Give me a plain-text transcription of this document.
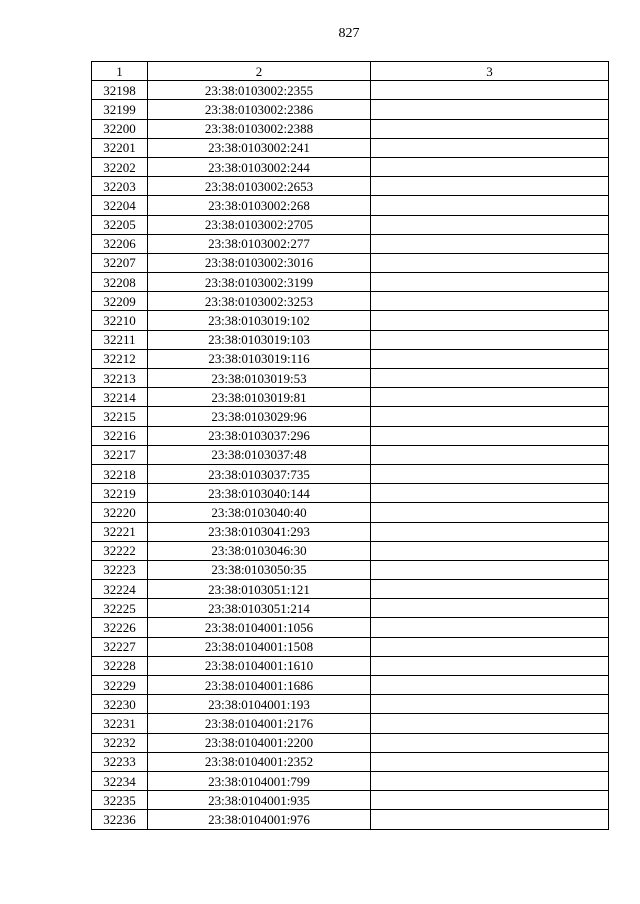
827
1	2	3
32198	23:38:0103002:2355	
32199	23:38:0103002:2386	
32200	23:38:0103002:2388	
32201	23:38:0103002:241	
32202	23:38:0103002:244	
32203	23:38:0103002:2653	
32204	23:38:0103002:268	
32205	23:38:0103002:2705	
32206	23:38:0103002:277	
32207	23:38:0103002:3016	
32208	23:38:0103002:3199	
32209	23:38:0103002:3253	
32210	23:38:0103019:102	
32211	23:38:0103019:103	
32212	23:38:0103019:116	
32213	23:38:0103019:53	
32214	23:38:0103019:81	
32215	23:38:0103029:96	
32216	23:38:0103037:296	
32217	23:38:0103037:48	
32218	23:38:0103037:735	
32219	23:38:0103040:144	
32220	23:38:0103040:40	
32221	23:38:0103041:293	
32222	23:38:0103046:30	
32223	23:38:0103050:35	
32224	23:38:0103051:121	
32225	23:38:0103051:214	
32226	23:38:0104001:1056	
32227	23:38:0104001:1508	
32228	23:38:0104001:1610	
32229	23:38:0104001:1686	
32230	23:38:0104001:193	
32231	23:38:0104001:2176	
32232	23:38:0104001:2200	
32233	23:38:0104001:2352	
32234	23:38:0104001:799	
32235	23:38:0104001:935	
32236	23:38:0104001:976	
